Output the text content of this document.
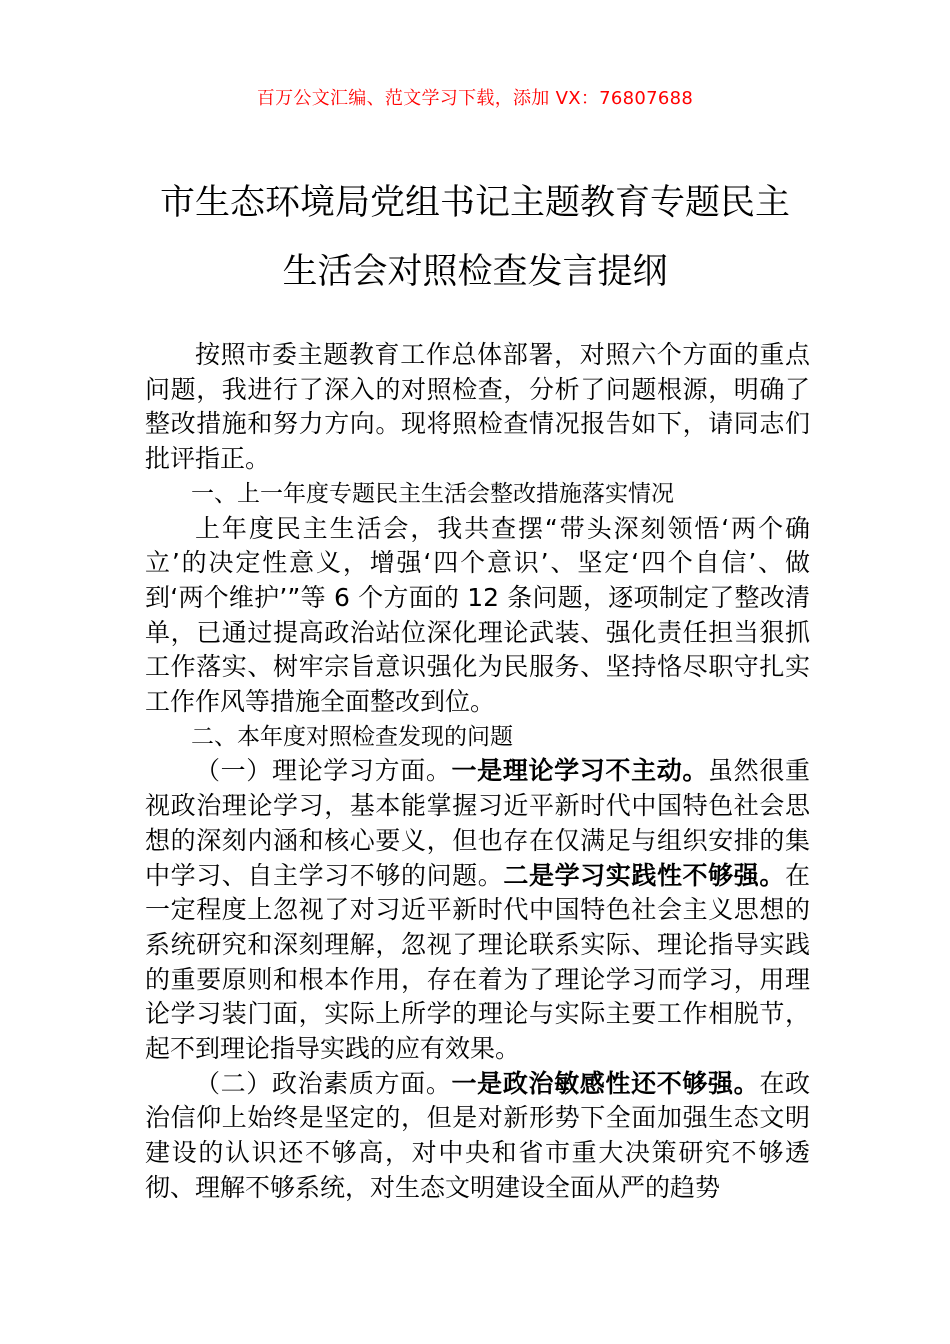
百万公文汇编、范文学习下载，添加 VX：76807688
市生态环境局党组书记主题教育专题民主
生活会对照检查发言提纲

按照市委主题教育工作总体部署，对照六个方面的重点问题，我进行了深入的对照检查，分析了问题根源，明确了整改措施和努力方向。现将照检查情况报告如下，请同志们批评指正。

一、上一年度专题民主生活会整改措施落实情况

上年度民主生活会，我共查摆“带头深刻领悟‘两个确立’的决定性意义，增强‘四个意识’、坚定‘四个自信’、做到‘两个维护’”等 6 个方面的 12 条问题，逐项制定了整改清单，已通过提高政治站位深化理论武装、强化责任担当狠抓工作落实、树牢宗旨意识强化为民服务、坚持恪尽职守扎实工作作风等措施全面整改到位。

二、本年度对照检查发现的问题

（一）理论学习方面。一是理论学习不主动。虽然很重视政治理论学习，基本能掌握习近平新时代中国特色社会思想的深刻内涵和核心要义，但也存在仅满足与组织安排的集中学习、自主学习不够的问题。二是学习实践性不够强。在一定程度上忽视了对习近平新时代中国特色社会主义思想的系统研究和深刻理解，忽视了理论联系实际、理论指导实践的重要原则和根本作用，存在着为了理论学习而学习，用理论学习装门面，实际上所学的理论与实际主要工作相脱节，起不到理论指导实践的应有效果。

（二）政治素质方面。一是政治敏感性还不够强。在政治信仰上始终是坚定的，但是对新形势下全面加强生态文明建设的认识还不够高，对中央和省市重大决策研究不够透彻、理解不够系统，对生态文明建设全面从严的趋势
